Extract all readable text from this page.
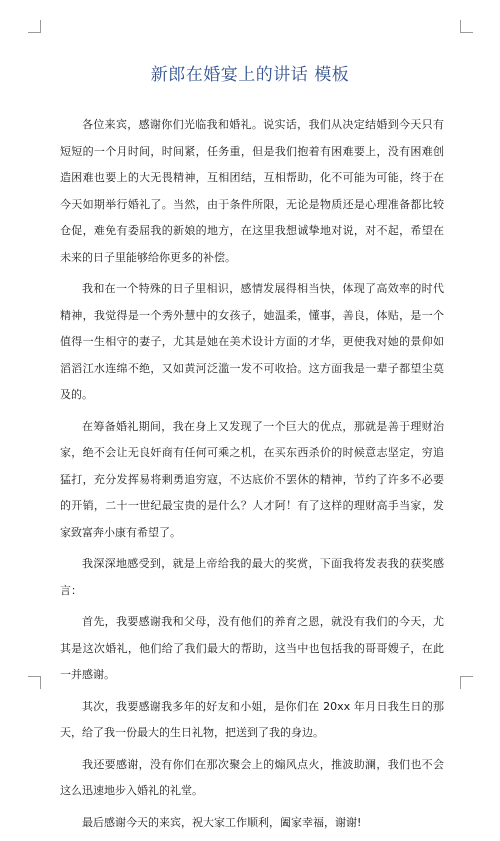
新郎在婚宴上的讲话 模板

各位来宾，感谢你们光临我和婚礼。说实话，我们从决定结婚到今天只有短短的一个月时间，时间紧，任务重，但是我们抱着有困难要上，没有困难创造困难也要上的大无畏精神，互相团结，互相帮助，化不可能为可能，终于在今天如期举行婚礼了。当然，由于条件所限，无论是物质还是心理准备都比较仓促，难免有委屈我的新娘的地方，在这里我想诚挚地对说，对不起，希望在未来的日子里能够给你更多的补偿。

我和在一个特殊的日子里相识，感情发展得相当快，体现了高效率的时代精神，我觉得是一个秀外慧中的女孩子，她温柔，懂事，善良，体贴，是一个值得一生相守的妻子，尤其是她在美术设计方面的才华，更使我对她的景仰如滔滔江水连绵不绝，又如黄河泛滥一发不可收拾。这方面我是一辈子都望尘莫及的。

在筹备婚礼期间，我在身上又发现了一个巨大的优点，那就是善于理财治家，绝不会让无良奸商有任何可乘之机，在买东西杀价的时候意志坚定，穷追猛打，充分发挥易将剩勇追穷寇，不达底价不罢休的精神，节约了许多不必要的开销，二十一世纪最宝贵的是什么？人才阿！有了这样的理财高手当家，发家致富奔小康有希望了。

我深深地感受到，就是上帝给我的最大的奖赏，下面我将发表我的获奖感言：

首先，我要感谢我和父母，没有他们的养育之恩，就没有我们的今天，尤其是这次婚礼，他们给了我们最大的帮助，这当中也包括我的哥哥嫂子，在此一并感谢。

其次，我要感谢我多年的好友和小姐，是你们在 20xx 年月日我生日的那天，给了我一份最大的生日礼物，把送到了我的身边。

我还要感谢，没有你们在那次聚会上的煽风点火，推波助澜，我们也不会这么迅速地步入婚礼的礼堂。

最后感谢今天的来宾，祝大家工作顺利，阖家幸福，谢谢!
